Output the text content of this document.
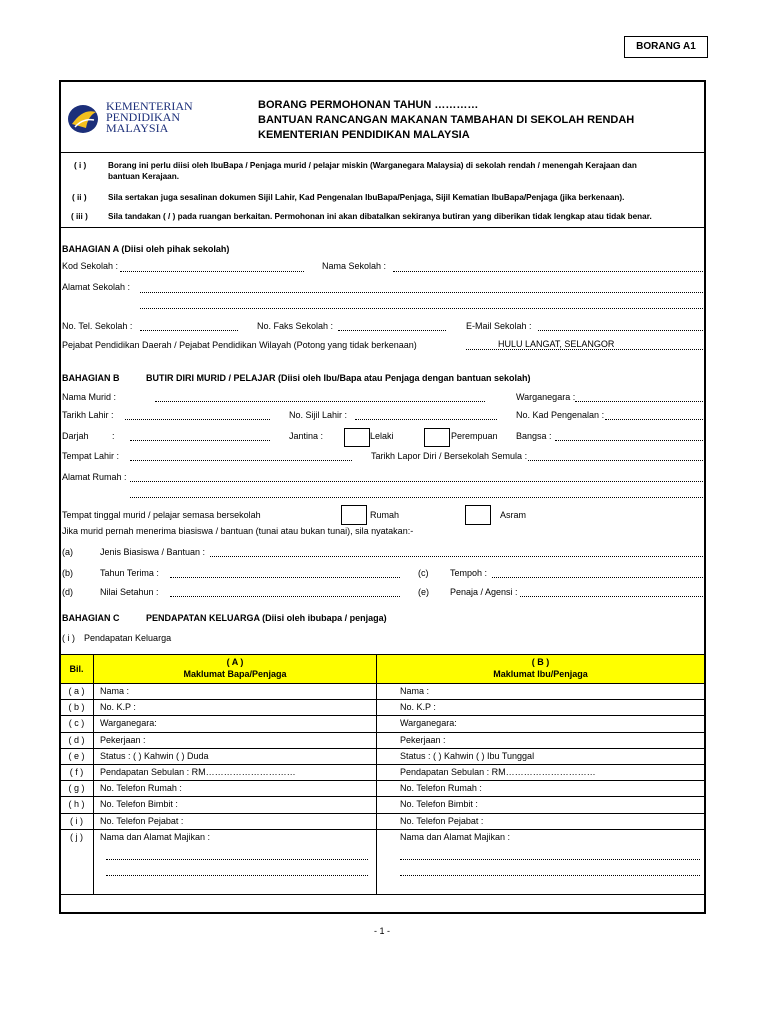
BORANG A1
KEMENTERIAN
PENDIDIKAN
MALAYSIA
BORANG PERMOHONAN TAHUN …………
BANTUAN RANCANGAN MAKANAN TAMBAHAN DI SEKOLAH RENDAH
KEMENTERIAN PENDIDIKAN MALAYSIA
( i )	Borang ini perlu diisi oleh IbuBapa / Penjaga murid / pelajar miskin (Warganegara Malaysia) di sekolah rendah / menengah Kerajaan dan
bantuan Kerajaan.
( ii )	Sila sertakan juga sesalinan dokumen Sijil Lahir, Kad Pengenalan IbuBapa/Penjaga, Sijil Kematian IbuBapa/Penjaga (jika berkenaan).
( iii ) Sila tandakan ( / ) pada ruangan berkaitan. Permohonan ini akan dibatalkan sekiranya butiran yang diberikan tidak lengkap atau tidak benar.
BAHAGIAN A (Diisi oleh pihak sekolah)
Kod Sekolah :	Nama Sekolah :
Alamat Sekolah :
No. Tel. Sekolah :	No. Faks Sekolah :	E-Mail Sekolah :
Pejabat Pendidikan Daerah / Pejabat Pendidikan Wilayah (Potong yang tidak berkenaan)	HULU LANGAT, SELANGOR
BAHAGIAN B	BUTIR DIRI MURID / PELAJAR (Diisi oleh Ibu/Bapa atau Penjaga dengan bantuan sekolah)
Nama Murid :	Warganegara :
Tarikh Lahir :	No. Sijil Lahir :	No. Kad Pengenalan :
Darjah	:	Jantina :	Lelaki	Perempuan Bangsa :
Tempat Lahir :	Tarikh Lapor Diri / Bersekolah Semula :
Alamat Rumah :
Tempat tinggal murid / pelajar semasa bersekolah	Rumah	Asram
Jika murid pernah menerima biasiswa / bantuan (tunai atau bukan tunai), sila nyatakan:-
(a)	Jenis Biasiswa / Bantuan :
(b)	Tahun Terima :	(c) Tempoh :
(d)	Nilai Setahun :	(e) Penaja / Agensi :
BAHAGIAN C	PENDAPATAN KELUARGA (Diisi oleh ibubapa / penjaga)
( i ) Pendapatan Keluarga
Bil.
( A )
Maklumat Bapa/Penjaga
( B )
Maklumat Ibu/Penjaga
( a )	Nama :	Nama :
( b )	No. K.P :	No. K.P :
( c )	Warganegara:	Warganegara:
( d )	Pekerjaan :	Pekerjaan :
( e )	Status : ( ) Kahwin ( ) Duda	Status : ( ) Kahwin ( ) Ibu Tunggal
( f )	Pendapatan Sebulan : RM…………………………	Pendapatan Sebulan : RM…………………………
( g )	No. Telefon Rumah :	No. Telefon Rumah :
( h )	No. Telefon Bimbit :	No. Telefon Bimbit :
( i )	No. Telefon Pejabat :	No. Telefon Pejabat :
( j )	Nama dan Alamat Majikan :	Nama dan Alamat Majikan :
- 1 -
